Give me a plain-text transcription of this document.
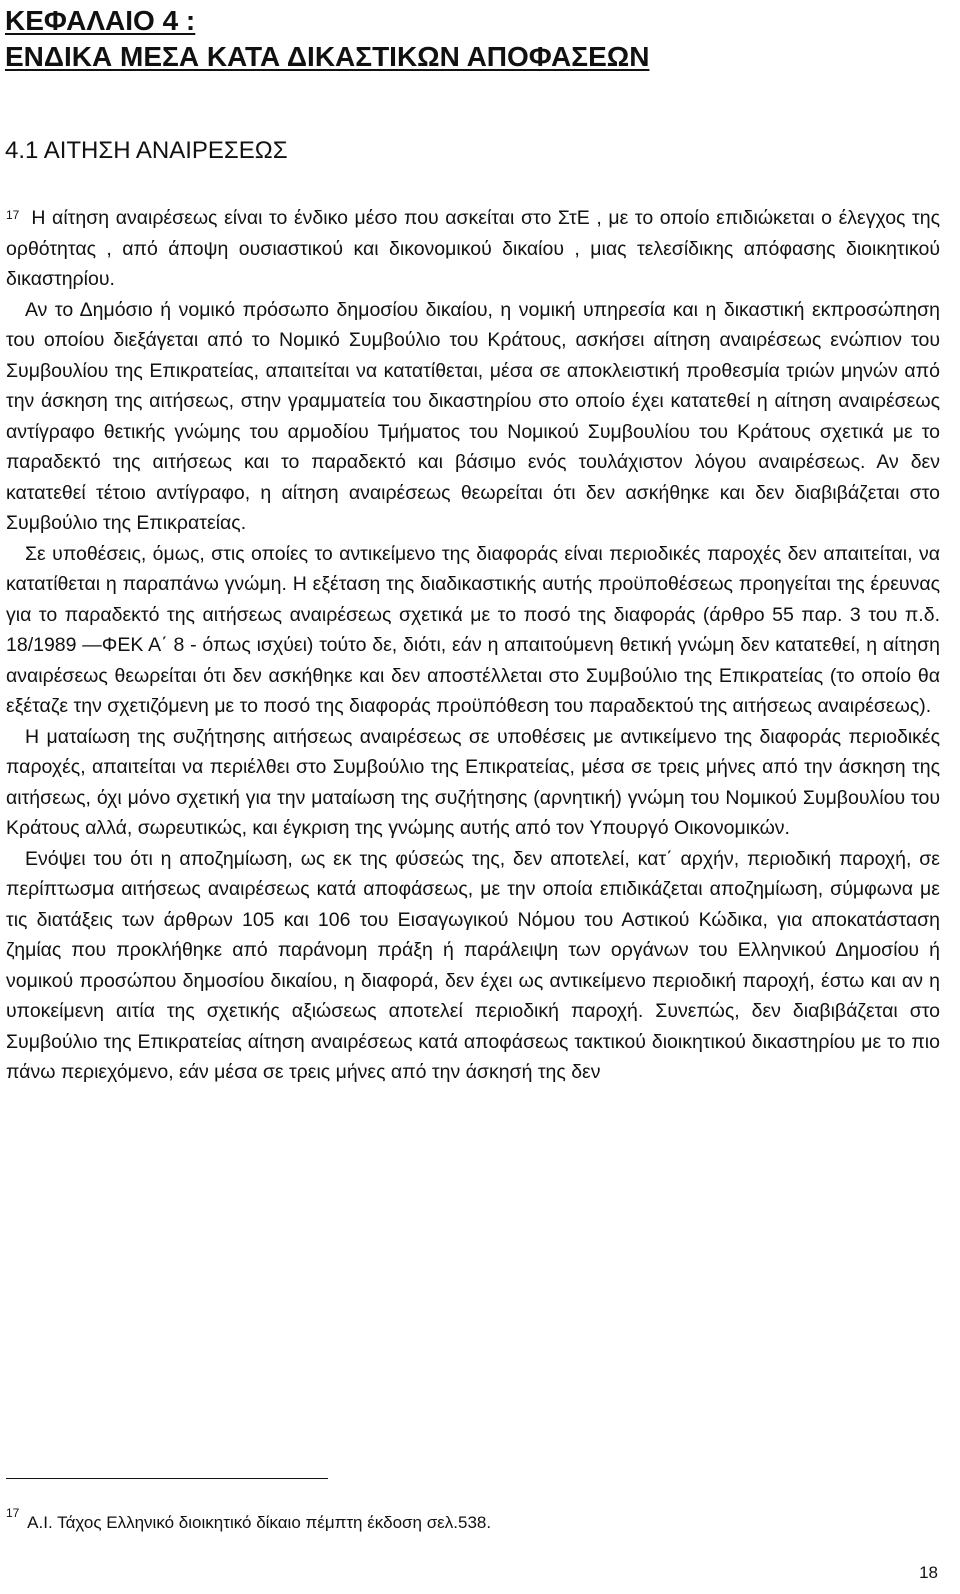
ΚΕΦΑΛΑΙΟ 4 :
ΕΝΔΙΚΑ ΜΕΣΑ ΚΑΤΑ ΔΙΚΑΣΤΙΚΩΝ ΑΠΟΦΑΣΕΩΝ
4.1 ΑΙΤΗΣΗ ΑΝΑΙΡΕΣΕΩΣ

$^{17}$ Η αίτηση αναιρέσεως είναι το ένδικο μέσο που ασκείται στο ΣτΕ , με το οποίο επιδιώκεται ο έλεγχος της ορθότητας , από άποψη ουσιαστικού και δικονομικού δικαίου , μιας τελεσίδικης απόφασης διοικητικού δικαστηρίου.

Αν το Δημόσιο ή νομικό πρόσωπο δημοσίου δικαίου, η νομική υπηρεσία και η δικαστική εκπροσώπηση του οποίου διεξάγεται από το Νομικό Συμβούλιο του Κράτους, ασκήσει αίτηση αναιρέσεως ενώπιον του Συμβουλίου της Επικρατείας, απαιτείται να κατατίθεται, μέσα σε αποκλειστική προθεσμία τριών μηνών από την άσκηση της αιτήσεως, στην γραμματεία του δικαστηρίου στο οποίο έχει κατατεθεί η αίτηση αναιρέσεως αντίγραφο θετικής γνώμης του αρμοδίου Τμήματος του Νομικού Συμβουλίου του Κράτους σχετικά με το παραδεκτό της αιτήσεως και το παραδεκτό και βάσιμο ενός τουλάχιστον λόγου αναιρέσεως. Αν δεν κατατεθεί τέτοιο αντίγραφο, η αίτηση αναιρέσεως θεωρείται ότι δεν ασκήθηκε και δεν διαβιβάζεται στο Συμβούλιο της Επικρατείας.

Σε υποθέσεις, όμως, στις οποίες το αντικείμενο της διαφοράς είναι περιοδικές παροχές δεν απαιτείται, να κατατίθεται η παραπάνω γνώμη. Η εξέταση της διαδικαστικής αυτής προϋποθέσεως προηγείται της έρευνας για το παραδεκτό της αιτήσεως αναιρέσεως σχετικά με το ποσό της διαφοράς (άρθρο 55 παρ. 3 του π.δ. 18/1989 —ΦΕΚ Α΄ 8 - όπως ισχύει) τούτο δε, διότι, εάν η απαιτούμενη θετική γνώμη δεν κατατεθεί, η αίτηση αναιρέσεως θεωρείται ότι δεν ασκήθηκε και δεν αποστέλλεται στο Συμβούλιο της Επικρατείας (το οποίο θα εξέταζε την σχετιζόμενη με το ποσό της διαφοράς προϋπόθεση του παραδεκτού της αιτήσεως αναιρέσεως).

Η ματαίωση της συζήτησης αιτήσεως αναιρέσεως σε υποθέσεις με αντικείμενο της διαφοράς περιοδικές παροχές, απαιτείται να περιέλθει στο Συμβούλιο της Επικρατείας, μέσα σε τρεις μήνες από την άσκηση της αιτήσεως, όχι μόνο σχετική για την ματαίωση της συζήτησης (αρνητική) γνώμη του Νομικού Συμβουλίου του Κράτους αλλά, σωρευτικώς, και έγκριση της γνώμης αυτής από τον Υπουργό Οικονομικών.

Ενόψει του ότι η αποζημίωση, ως εκ της φύσεώς της, δεν αποτελεί, κατ΄ αρχήν, περιοδική παροχή, σε περίπτωσμα αιτήσεως αναιρέσεως κατά αποφάσεως, με την οποία επιδικάζεται αποζημίωση, σύμφωνα με τις διατάξεις των άρθρων 105 και 106 του Εισαγωγικού Νόμου του Αστικού Κώδικα, για αποκατάσταση ζημίας που προκλήθηκε από παράνομη πράξη ή παράλειψη των οργάνων του Ελληνικού Δημοσίου ή νομικού προσώπου δημοσίου δικαίου, η διαφορά, δεν έχει ως αντικείμενο περιοδική παροχή, έστω και αν η υποκείμενη αιτία της σχετικής αξιώσεως αποτελεί περιοδική παροχή. Συνεπώς, δεν διαβιβάζεται στο Συμβούλιο της Επικρατείας αίτηση αναιρέσεως κατά αποφάσεως τακτικού διοικητικού δικαστηρίου με το πιο πάνω περιεχόμενο, εάν μέσα σε τρεις μήνες από την άσκησή της δεν

$^{17}$ Α.Ι. Τάχος Ελληνικό διοικητικό δίκαιο πέμπτη έκδοση σελ.538.
18
